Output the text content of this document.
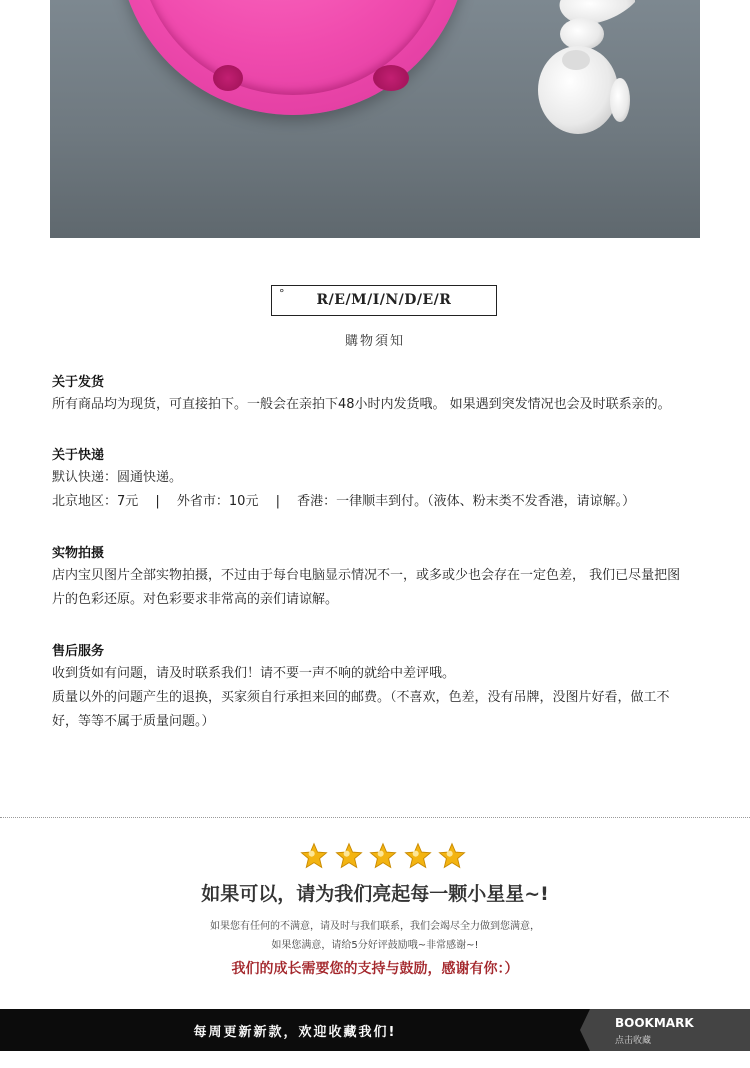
°	R/E/M/I/N/D/E/R
購物須知

关于发货

所有商品均为现货，可直接拍下。一般会在亲拍下48小时内发货哦。 如果遇到突发情况也会及时联系亲的。

关于快递

默认快递：圆通快递。

北京地区：7元　 |　 外省市：10元　 |　 香港：一律顺丰到付。（液体、粉末类不发香港，请谅解。）

实物拍摄

店内宝贝图片全部实物拍摄，不过由于每台电脑显示情况不一，或多或少也会存在一定色差， 我们已尽量把图

片的色彩还原。对色彩要求非常高的亲们请谅解。

售后服务

收到货如有问题，请及时联系我们！请不要一声不响的就给中差评哦。

质量以外的问题产生的退换，买家须自行承担来回的邮费。（不喜欢，色差，没有吊牌，没图片好看，做工不

好，等等不属于质量问题。）

如果可以，请为我们亮起每一颗小星星~!
如果您有任何的不满意，请及时与我们联系，我们会竭尽全力做到您满意，
如果您满意，请给5分好评鼓励哦~非常感谢~!
我们的成长需要您的支持与鼓励，感谢有你：）
每周更新新款，欢迎收藏我们!
BOOKMARK
点击收藏
